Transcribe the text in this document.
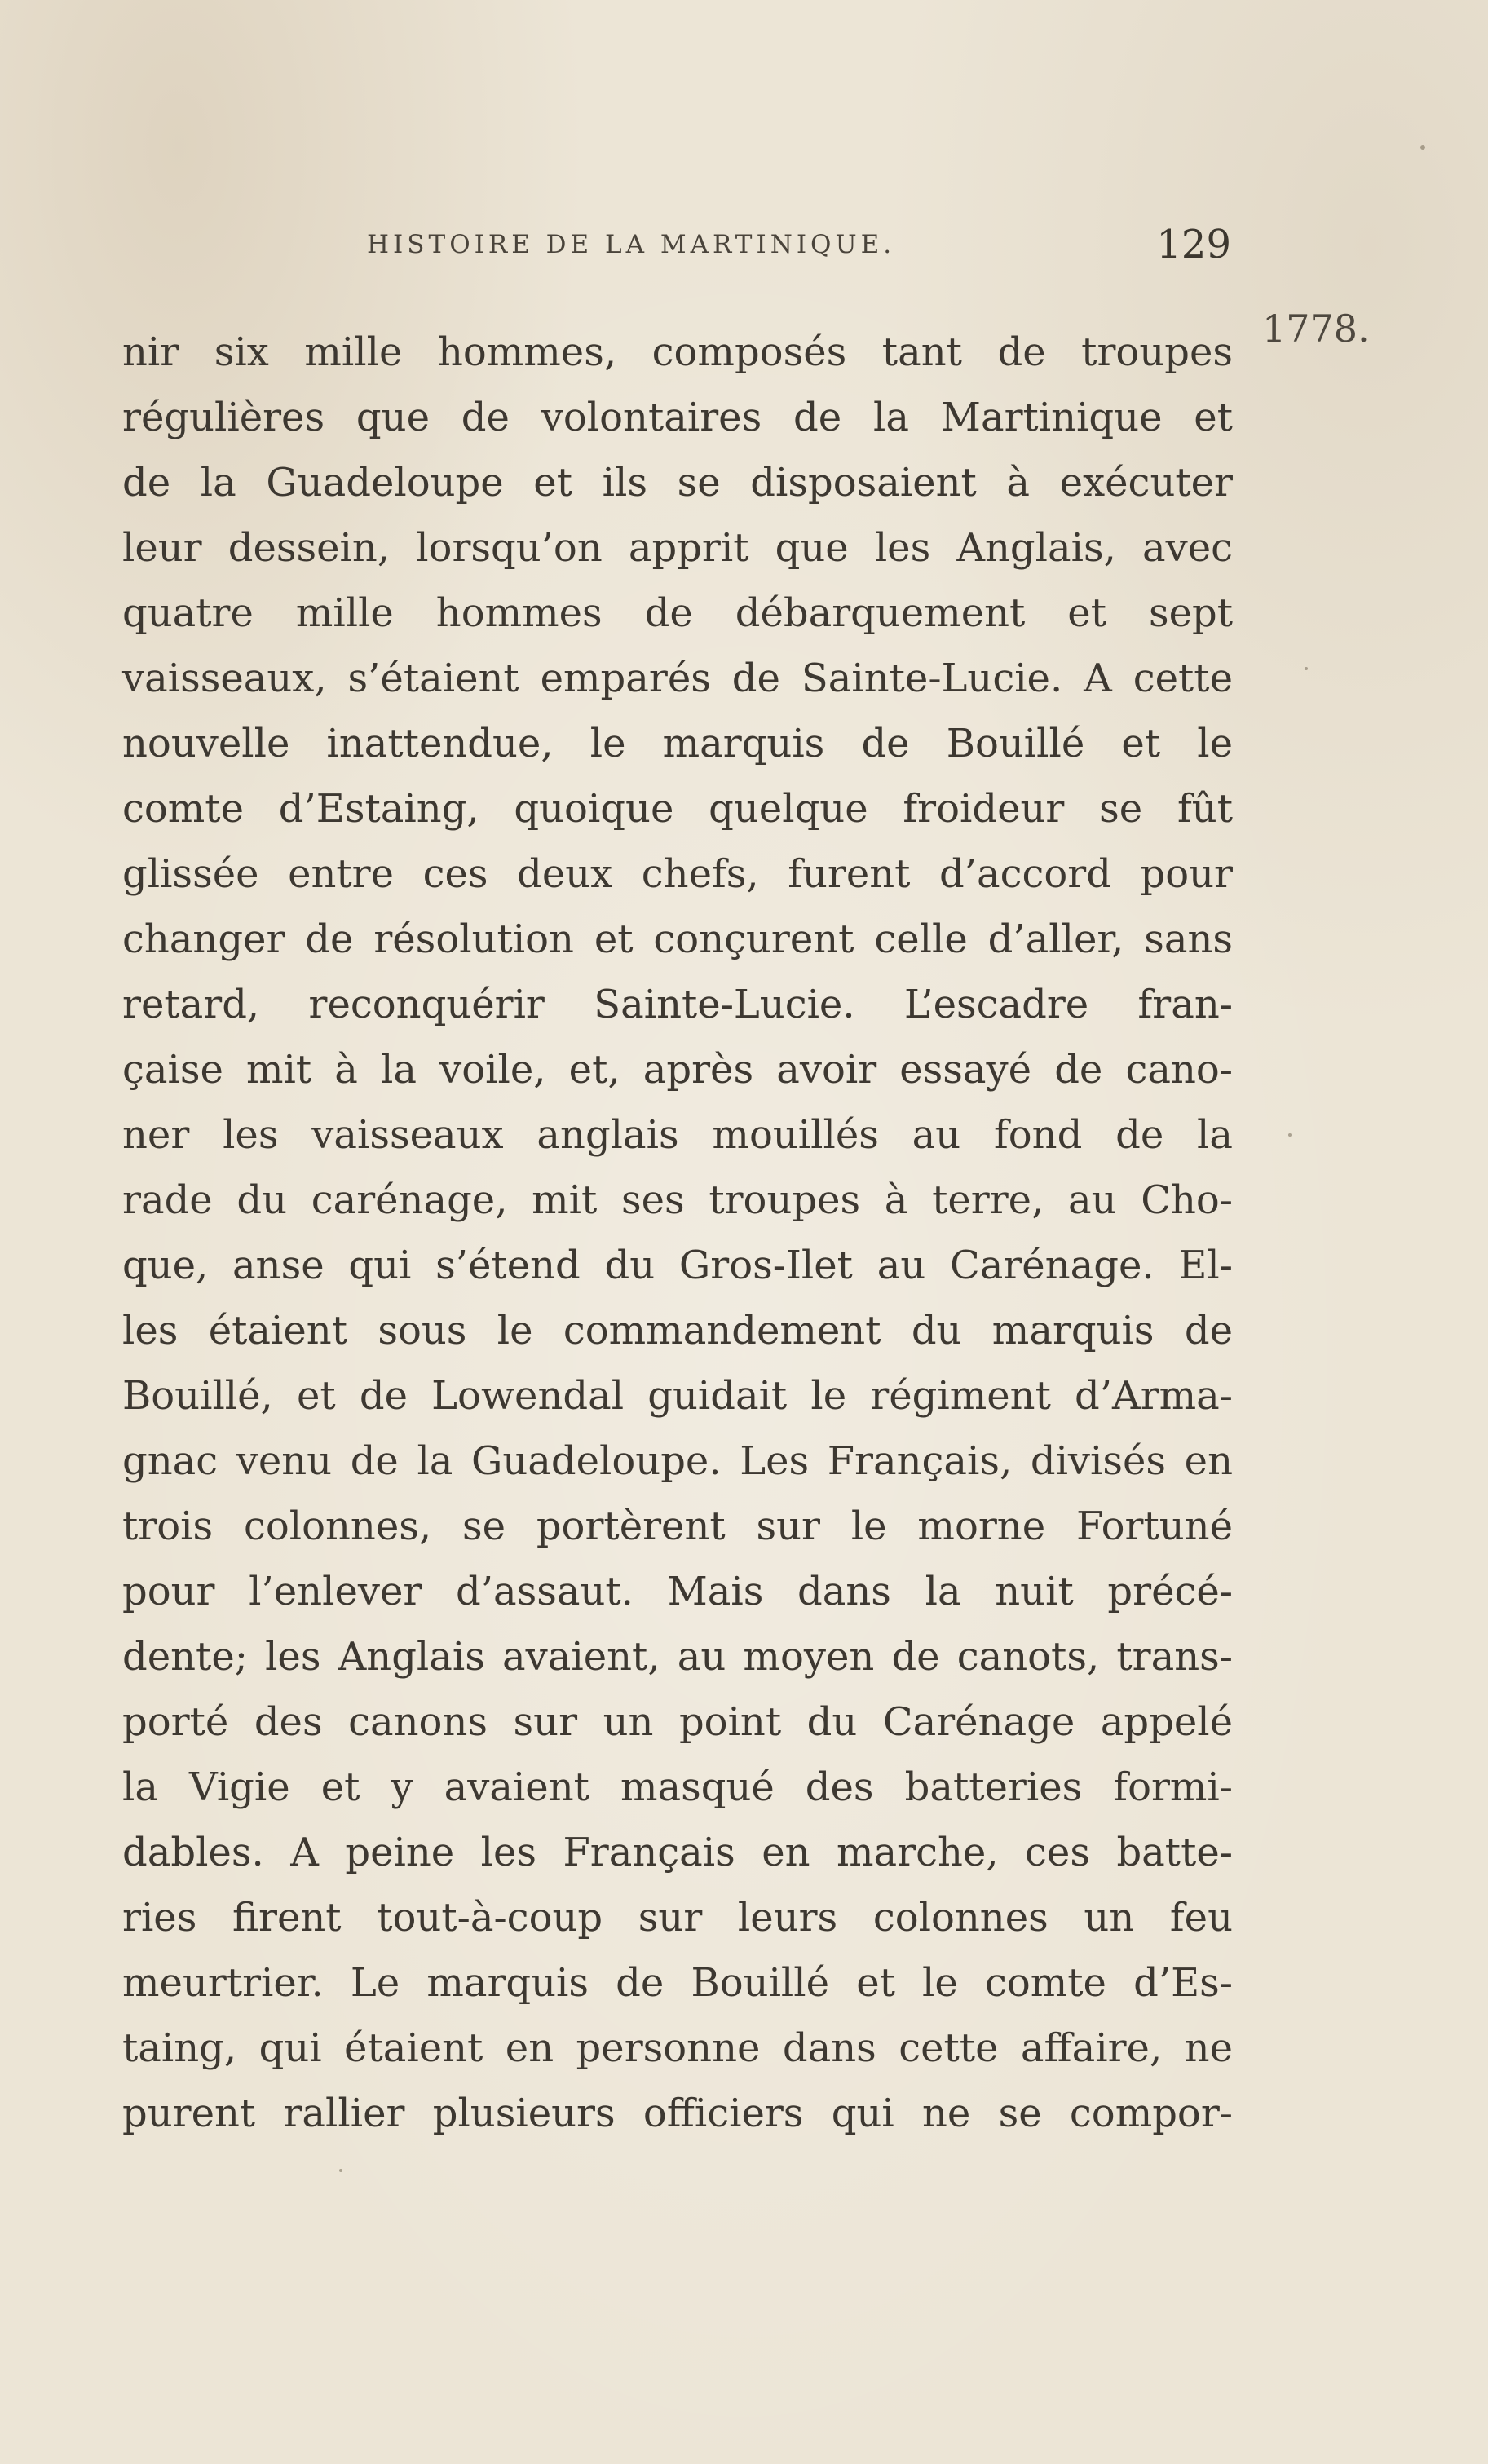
HISTOIRE DE LA MARTINIQUE.	129
1778.
nir six mille hommes, composés tant de troupes
régulières que de volontaires de la Martinique et
de la Guadeloupe et ils se disposaient à exécuter
leur dessein, lorsqu’on apprit que les Anglais, avec
quatre mille hommes de débarquement et sept
vaisseaux, s’étaient emparés de Sainte-Lucie. A cette
nouvelle inattendue, le marquis de Bouillé et le
comte d’Estaing, quoique quelque froideur se fût
glissée entre ces deux chefs, furent d’accord pour
changer de résolution et conçurent celle d’aller, sans
retard, reconquérir Sainte-Lucie. L’escadre fran-
çaise mit à la voile, et, après avoir essayé de cano-
ner les vaisseaux anglais mouillés au fond de la
rade du carénage, mit ses troupes à terre, au Cho-
que, anse qui s’étend du Gros-Ilet au Carénage. El-
les étaient sous le commandement du marquis de
Bouillé, et de Lowendal guidait le régiment d’Arma-
gnac venu de la Guadeloupe. Les Français, divisés en
trois colonnes, se portèrent sur le morne Fortuné
pour l’enlever d’assaut. Mais dans la nuit précé-
dente; les Anglais avaient, au moyen de canots, trans-
porté des canons sur un point du Carénage appelé
la Vigie et y avaient masqué des batteries formi-
dables. A peine les Français en marche, ces batte-
ries firent tout-à-coup sur leurs colonnes un feu
meurtrier. Le marquis de Bouillé et le comte d’Es-
taing, qui étaient en personne dans cette affaire, ne
purent rallier plusieurs officiers qui ne se compor-
